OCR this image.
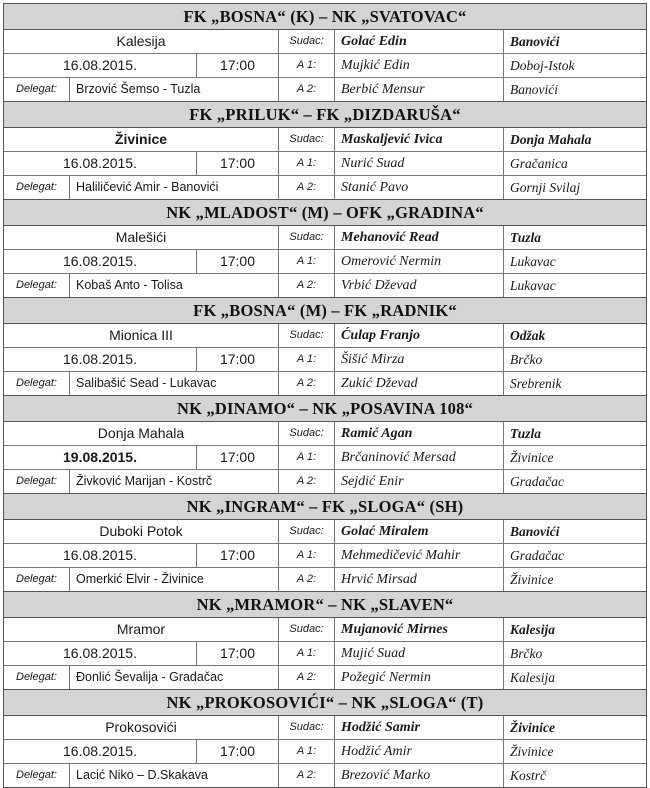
FK „BOSNA“ (K) – NK „SVATOVAC“
Kalesija	Sudac:	Golać Edin	Banovići
16.08.2015.	17:00	A 1:	Mujkić Edin	Doboj-Istok
Delegat:	Brzović Šemso - Tuzla	A 2:	Berbić Mensur	Banovići
FK „PRILUK“ – FK „DIZDARUŠA“
Živinice	Sudac:	Maskaljević Ivica	Donja Mahala
16.08.2015.	17:00	A 1:	Nurić Suad	Gračanica
Delegat:	Haliličević Amir - Banovići	A 2:	Stanić Pavo	Gornji Svilaj
NK „MLADOST“ (M) – OFK „GRADINA“
Malešići	Sudac:	Mehanović Read	Tuzla
16.08.2015.	17:00	A 1:	Omerović Nermin	Lukavac
Delegat:	Kobaš Anto - Tolisa	A 2:	Vrbić Dževad	Lukavac
FK „BOSNA“ (M) – FK „RADNIK“
Mionica III	Sudac:	Ćulap Franjo	Odžak
16.08.2015.	17:00	A 1:	Šišić Mirza	Brčko
Delegat:	Salibašić Sead - Lukavac	A 2:	Zukić Dževad	Srebrenik
NK „DINAMO“ – NK „POSAVINA 108“
Donja Mahala	Sudac:	Ramić Agan	Tuzla
19.08.2015.	17:00	A 1:	Brčaninović Mersad	Živinice
Delegat:	Živković Marijan - Kostrč	A 2:	Sejdić Enir	Gradačac
NK „INGRAM“ – FK „SLOGA“ (SH)
Duboki Potok	Sudac:	Golać Miralem	Banovići
16.08.2015.	17:00	A 1:	Mehmedičević Mahir	Gradačac
Delegat:	Omerkić Elvir - Živinice	A 2:	Hrvić Mirsad	Živinice
NK „MRAMOR“ – NK „SLAVEN“
Mramor	Sudac:	Mujanović Mirnes	Kalesija
16.08.2015.	17:00	A 1:	Mujić Suad	Brčko
Delegat:	Đonlić Ševalija - Gradačac	A 2:	Požegić Nermin	Kalesija
NK „PROKOSOVIĆI“ – NK „SLOGA“ (T)
Prokosovići	Sudac:	Hodžić Samir	Živinice
16.08.2015.	17:00	A 1:	Hodžić Amir	Živinice
Delegat:	Lacić Niko – D.Skakava	A 2:	Brezović Marko	Kostrč
